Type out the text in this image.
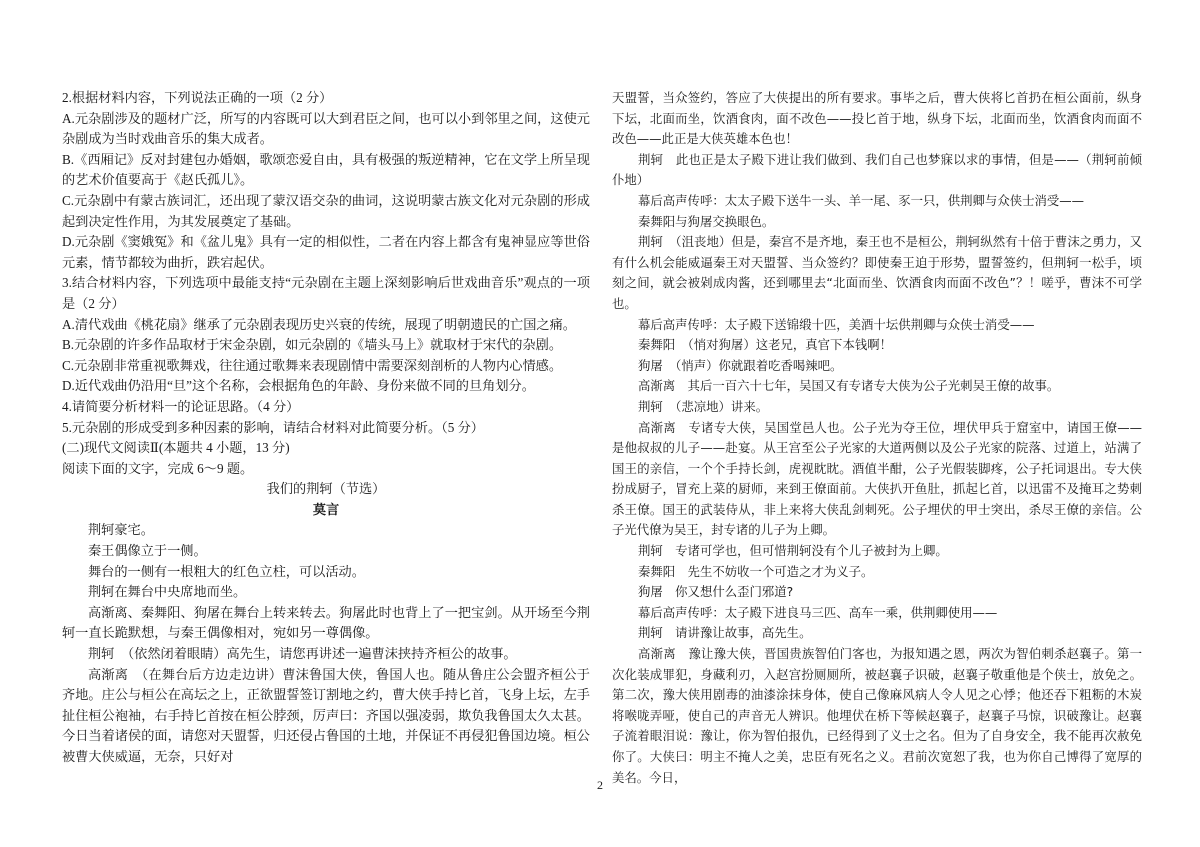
2.根据材料内容，下列说法正确的一项（2 分）

A.元杂剧涉及的题材广泛，所写的内容既可以大到君臣之间，也可以小到邻里之间，这使元杂剧成为当时戏曲音乐的集大成者。

B.《西厢记》反对封建包办婚姻，歌颂恋爱自由，具有极强的叛逆精神，它在文学上所呈现的艺术价值要高于《赵氏孤儿》。

C.元杂剧中有蒙古族词汇，还出现了蒙汉语交杂的曲词，这说明蒙古族文化对元杂剧的形成起到决定性作用，为其发展奠定了基础。

D.元杂剧《窦娥冤》和《盆儿鬼》具有一定的相似性，二者在内容上都含有鬼神显应等世俗元素，情节都较为曲折，跌宕起伏。

3.结合材料内容，下列选项中最能支持“元杂剧在主题上深刻影响后世戏曲音乐”观点的一项是（2 分）

A.清代戏曲《桃花扇》继承了元杂剧表现历史兴衰的传统，展现了明朝遗民的亡国之痛。

B.元杂剧的许多作品取材于宋金杂剧，如元杂剧的《墙头马上》就取材于宋代的杂剧。

C.元杂剧非常重视歌舞戏，往往通过歌舞来表现剧情中需要深刻剖析的人物内心情感。

D.近代戏曲仍沿用“旦”这个名称，会根据角色的年龄、身份来做不同的旦角划分。

4.请简要分析材料一的论证思路。（4 分）

5.元杂剧的形成受到多种因素的影响，请结合材料对此简要分析。（5 分）

(二)现代文阅读Ⅱ(本题共 4 小题，13 分)

阅读下面的文字，完成 6～9 题。

我们的荆轲（节选）

莫言

荆轲豪宅。

秦王偶像立于一侧。

舞台的一侧有一根粗大的红色立柱，可以活动。

荆轲在舞台中央席地而坐。

高渐离、秦舞阳、狗屠在舞台上转来转去。狗屠此时也背上了一把宝剑。从开场至今荆轲一直长跪默想，与秦王偶像相对，宛如另一尊偶像。

荆轲　（依然闭着眼睛）高先生，请您再讲述一遍曹沫挟持齐桓公的故事。

高渐离　（在舞台后方边走边讲）曹沫鲁国大侠，鲁国人也。随从鲁庄公会盟齐桓公于齐地。庄公与桓公在高坛之上，正欲盟誓签订割地之约，曹大侠手持匕首，飞身上坛，左手扯住桓公袍袖，右手持匕首按在桓公脖颈，厉声曰：齐国以强凌弱，欺负我鲁国太久太甚。今日当着诸侯的面，请您对天盟誓，归还侵占鲁国的土地，并保证不再侵犯鲁国边境。桓公被曹大侠威逼，无奈，只好对

天盟誓，当众签约，答应了大侠提出的所有要求。事毕之后，曹大侠将匕首扔在桓公面前，纵身下坛，北面而坐，饮酒食肉，面不改色——投匕首于地，纵身下坛，北面而坐，饮酒食肉而面不改色——此正是大侠英雄本色也！

荆轲　此也正是太子殿下进让我们做到、我们自己也梦寐以求的事情，但是——（荆轲前倾仆地）

幕后高声传呼：太太子殿下送牛一头、羊一尾、豕一只，供荆卿与众侠士消受——

秦舞阳与狗屠交换眼色。

荆轲　（沮丧地）但是，秦宫不是齐地，秦王也不是桓公，荆轲纵然有十倍于曹沫之勇力，又有什么机会能威逼秦王对天盟誓、当众签约？即使秦王迫于形势，盟誓签约，但荆轲一松手，顷刻之间，就会被剁成肉酱，还到哪里去“北面而坐、饮酒食肉而面不改色”？！嗟乎，曹沫不可学也。

幕后高声传呼：太子殿下送锦缎十匹，美酒十坛供荆卿与众侠士消受——

秦舞阳　（悄对狗屠）这老兄，真官下本钱啊！

狗屠　（悄声）你就跟着吃香喝辣吧。

高渐离　其后一百六十七年，吴国又有专诸专大侠为公子光刺吴王僚的故事。

荆轲　（悲凉地）讲来。

高渐离　专诸专大侠，吴国堂邑人也。公子光为夺王位，埋伏甲兵于窟室中，请国王僚——是他叔叔的儿子——赴宴。从王宫至公子光家的大道两侧以及公子光家的院落、过道上，站满了国王的亲信，一个个手持长剑，虎视眈眈。酒值半酣，公子光假装脚疼，公子托词退出。专大侠扮成厨子，冒充上菜的厨师，来到王僚面前。大侠扒开鱼肚，抓起匕首，以迅雷不及掩耳之势刺杀王僚。国王的武装侍从，非上来将大侠乱剑刺死。公子埋伏的甲士突出，杀尽王僚的亲信。公子光代僚为吴王，封专诸的儿子为上卿。

荆轲　专诸可学也，但可惜荆轲没有个儿子被封为上卿。

秦舞阳　先生不妨收一个可造之才为义子。

狗屠　你又想什么歪门邪道?

幕后高声传呼：太子殿下进良马三匹、高车一乘，供荆卿使用——

荆轲　请讲豫让故事，高先生。

高渐离　豫让豫大侠，晋国贵族智伯门客也，为报知遇之恩，两次为智伯刺杀赵襄子。第一次化装成罪犯，身藏利刃，入赵宫扮厕厕所，被赵襄子识破，赵襄子敬重他是个侠士，放免之。第二次，豫大侠用剧毒的油漆涂抹身体，使自己像麻风病人令人见之心悸；他还吞下粗粝的木炭将喉咙弄哑，使自己的声音无人辨识。他埋伏在桥下等候赵襄子，赵襄子马惊，识破豫让。赵襄子流着眼泪说：豫让，你为智伯报仇，已经得到了义士之名。但为了自身安全，我不能再次赦免你了。大侠曰：明主不掩人之美，忠臣有死名之义。君前次宽恕了我，也为你自己博得了宽厚的美名。今日，

2
